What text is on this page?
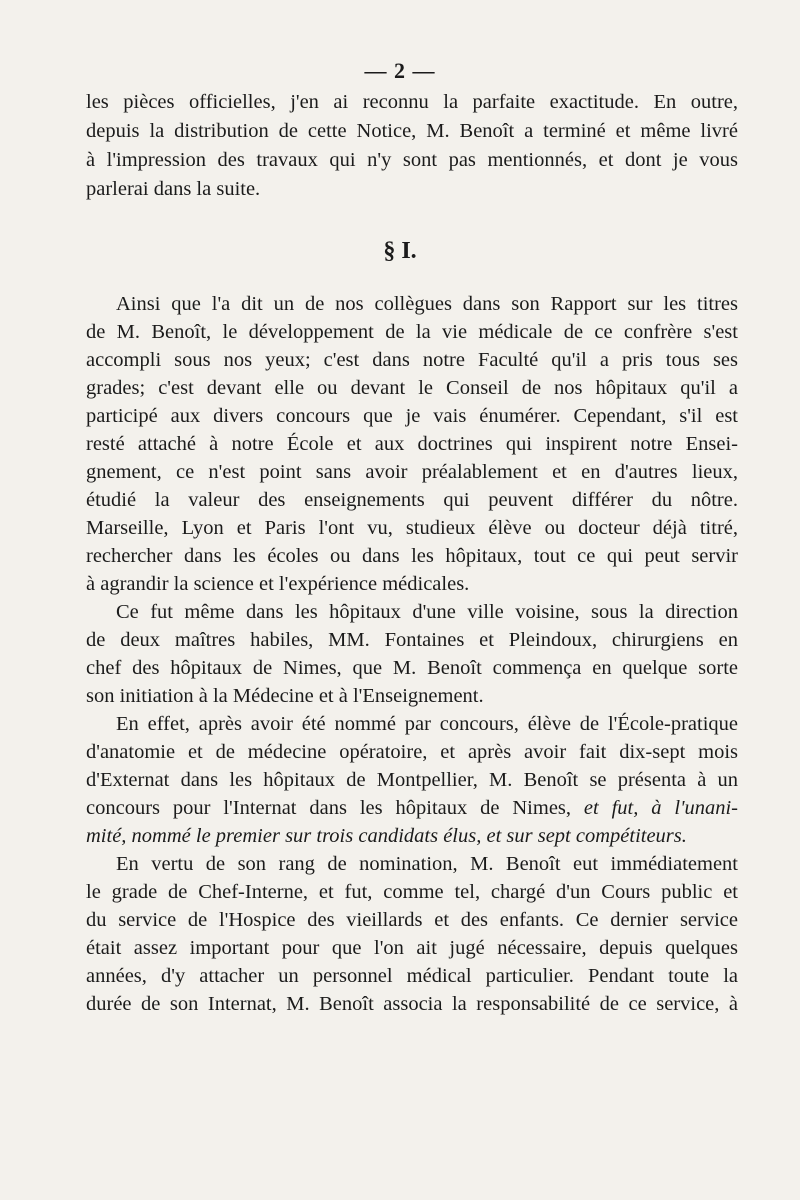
— 2 —
§ I.
les pièces officielles, j'en ai reconnu la parfaite exactitude. En outre,
depuis la distribution de cette Notice, M. Benoît a terminé et même livré
à l'impression des travaux qui n'y sont pas mentionnés, et dont je vous
parlerai dans la suite.
Ainsi que l'a dit un de nos collègues dans son Rapport sur les titres
de M. Benoît, le développement de la vie médicale de ce confrère s'est
accompli sous nos yeux; c'est dans notre Faculté qu'il a pris tous ses
grades; c'est devant elle ou devant le Conseil de nos hôpitaux qu'il a
participé aux divers concours que je vais énumérer. Cependant, s'il est
resté attaché à notre École et aux doctrines qui inspirent notre Ensei-
gnement, ce n'est point sans avoir préalablement et en d'autres lieux,
étudié la valeur des enseignements qui peuvent différer du nôtre.
Marseille, Lyon et Paris l'ont vu, studieux élève ou docteur déjà titré,
rechercher dans les écoles ou dans les hôpitaux, tout ce qui peut servir
à agrandir la science et l'expérience médicales.
Ce fut même dans les hôpitaux d'une ville voisine, sous la direction
de deux maîtres habiles, MM. Fontaines et Pleindoux, chirurgiens en
chef des hôpitaux de Nimes, que M. Benoît commença en quelque sorte
son initiation à la Médecine et à l'Enseignement.
En effet, après avoir été nommé par concours, élève de l'École-pratique
d'anatomie et de médecine opératoire, et après avoir fait dix-sept mois
d'Externat dans les hôpitaux de Montpellier, M. Benoît se présenta à un
concours pour l'Internat dans les hôpitaux de Nimes, et fut, à l'unani-
mité, nommé le premier sur trois candidats élus, et sur sept compétiteurs.
En vertu de son rang de nomination, M. Benoît eut immédiatement
le grade de Chef-Interne, et fut, comme tel, chargé d'un Cours public et
du service de l'Hospice des vieillards et des enfants. Ce dernier service
était assez important pour que l'on ait jugé nécessaire, depuis quelques
années, d'y attacher un personnel médical particulier. Pendant toute la
durée de son Internat, M. Benoît associa la responsabilité de ce service, à
